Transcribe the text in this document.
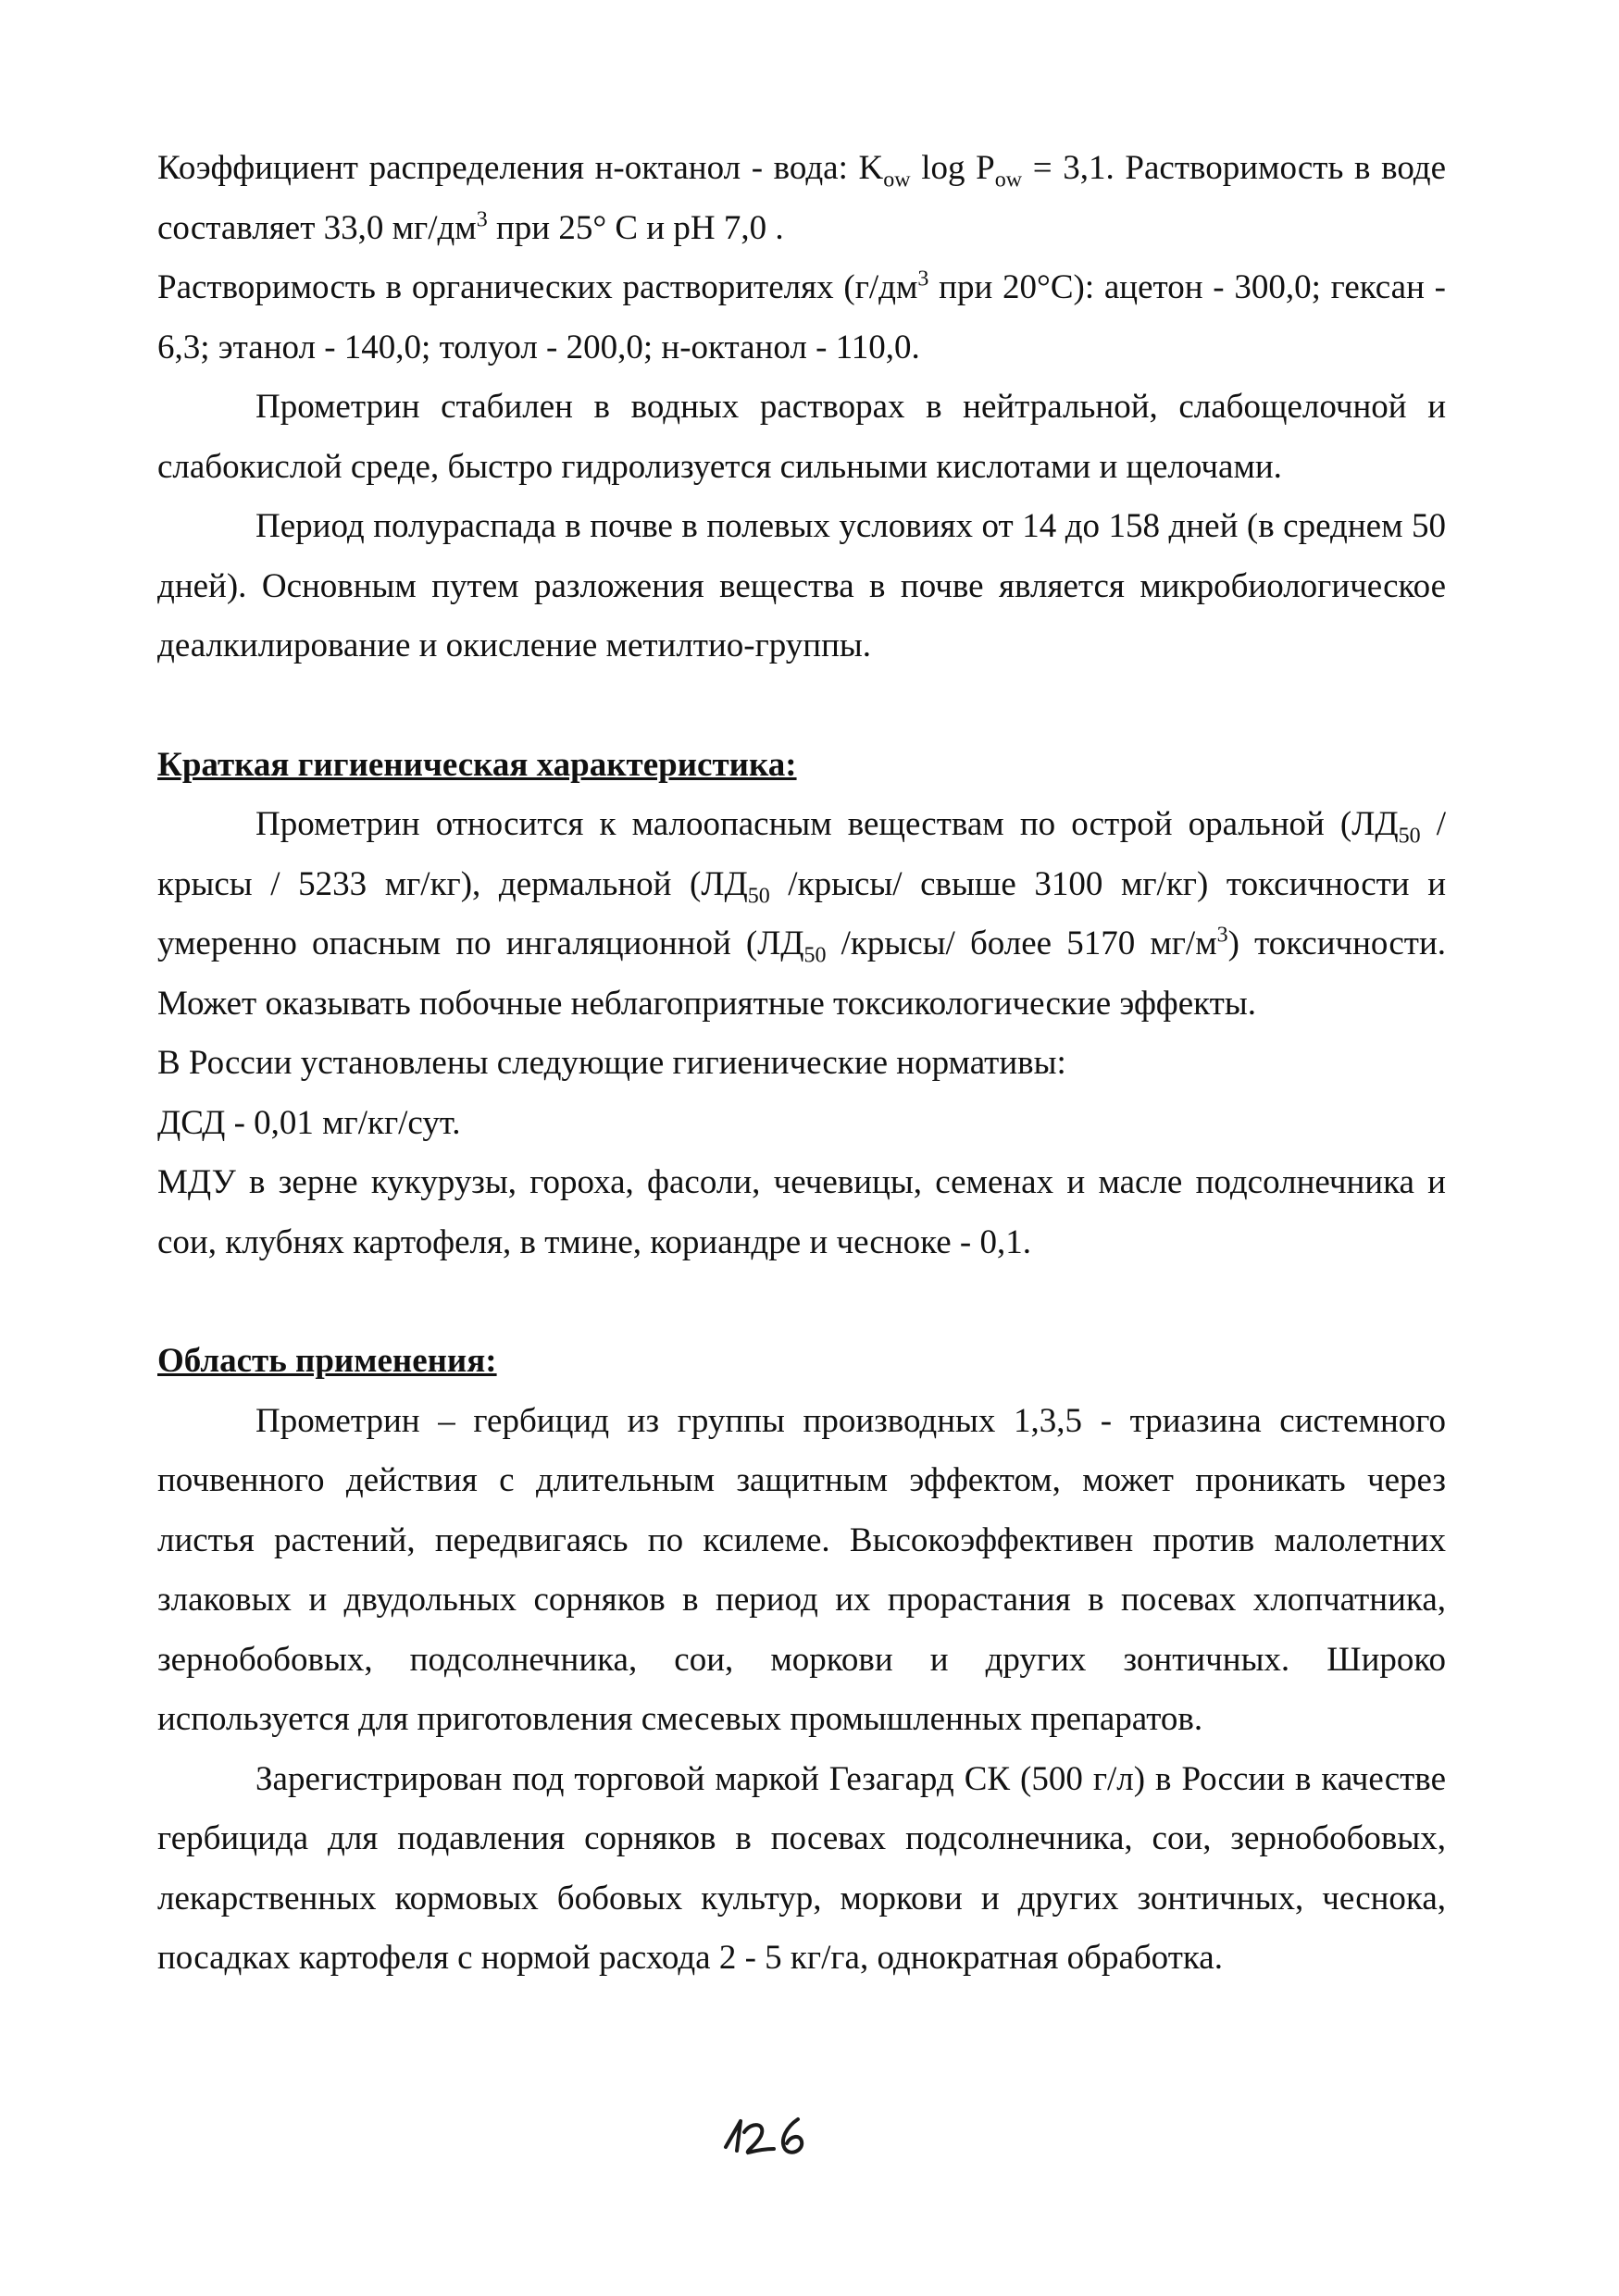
Коэффициент распределения н-октанол - вода: $K_{ow}$ $\log P_{ow} = 3,1$. Растворимость в воде составляет 33,0 $мг/дм^3$ при 25° С и pH 7,0 .

Растворимость в органических растворителях ($г/дм^3$ при 20°С): ацетон - 300,0; гексан - 6,3; этанол - 140,0; толуол - 200,0; н-октанол - 110,0.

Прометрин стабилен в водных растворах в нейтральной, слабощелочной и слабокислой среде, быстро гидролизуется сильными кислотами и щелочами.

Период полураспада в почве в полевых условиях от 14 до 158 дней (в среднем 50 дней). Основным путем разложения вещества в почве является микробиологическое деалкилирование и окисление метилтио-группы.

Краткая гигиеническая характеристика:

Прометрин относится к малоопасным веществам по острой оральной ($ЛД_{50}$ /крысы / 5233 мг/кг), дермальной ($ЛД_{50}$ /крысы/ свыше 3100 мг/кг) токсичности и умеренно опасным по ингаляционной ($ЛД_{50}$ /крысы/ более 5170 $мг/м^3$) токсичности. Может оказывать побочные неблагоприятные токсикологические эффекты.

В России установлены следующие гигиенические нормативы:

ДСД - 0,01 мг/кг/сут.

МДУ в зерне кукурузы, гороха, фасоли, чечевицы, семенах и масле подсолнечника и сои, клубнях картофеля, в тмине, кориандре и чесноке - 0,1.

Область применения:

Прометрин – гербицид из группы производных 1,3,5 - триазина системного почвенного действия с длительным защитным эффектом, может проникать через листья растений, передвигаясь по ксилеме. Высокоэффективен против малолетних злаковых и двудольных сорняков в период их прорастания в посевах хлопчатника, зернобобовых, подсолнечника, сои, моркови и других зонтичных. Широко используется для приготовления смесевых промышленных препаратов.

Зарегистрирован под торговой маркой Гезагард СК (500 г/л) в России в качестве гербицида для подавления сорняков в посевах подсолнечника, сои, зернобобовых, лекарственных кормовых бобовых культур, моркови и других зонтичных, чеснока, посадках картофеля с нормой расхода 2 - 5 кг/га, однократная обработка.
